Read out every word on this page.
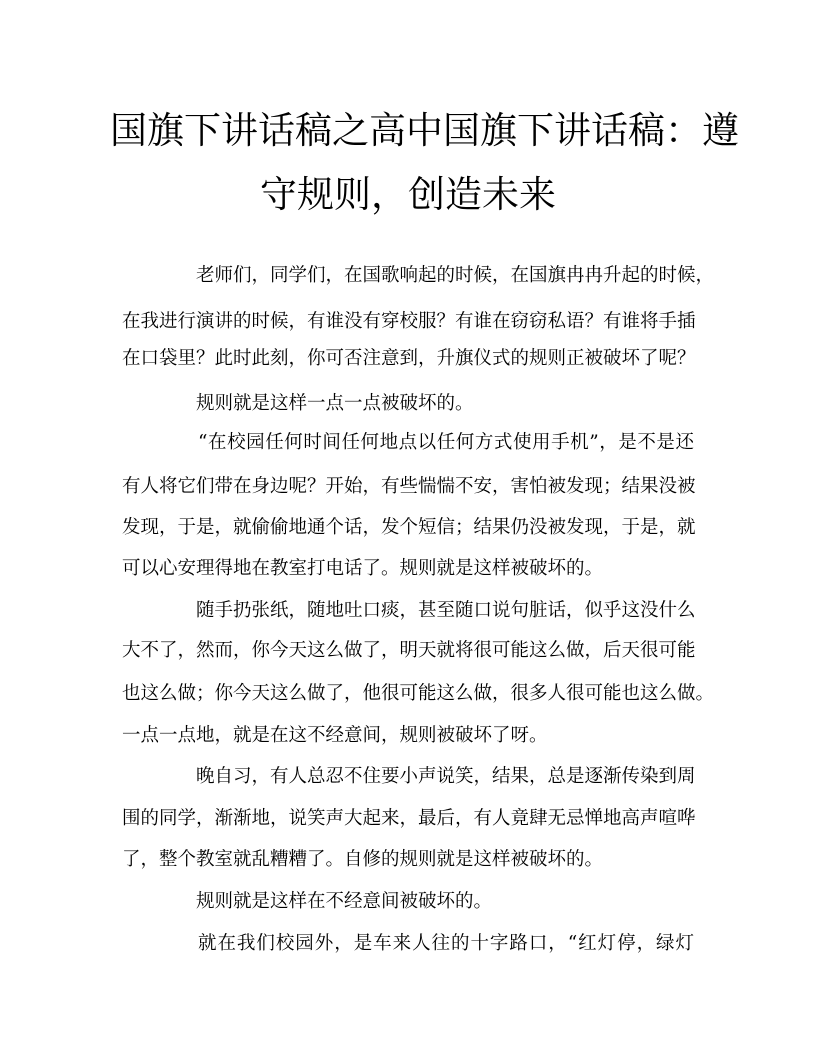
国旗下讲话稿之高中国旗下讲话稿：遵
守规则，创造未来

老师们，同学们，在国歌响起的时候，在国旗冉冉升起的时候，

在我进行演讲的时候，有谁没有穿校服？有谁在窃窃私语？有谁将手插

在口袋里？此时此刻，你可否注意到，升旗仪式的规则正被破坏了呢？

规则就是这样一点一点被破坏的。

“在校园任何时间任何地点以任何方式使用手机”，是不是还

有人将它们带在身边呢？开始，有些惴惴不安，害怕被发现；结果没被

发现，于是，就偷偷地通个话，发个短信；结果仍没被发现，于是，就

可以心安理得地在教室打电话了。规则就是这样被破坏的。

随手扔张纸，随地吐口痰，甚至随口说句脏话，似乎这没什么

大不了，然而，你今天这么做了，明天就将很可能这么做，后天很可能

也这么做；你今天这么做了，他很可能这么做，很多人很可能也这么做。

一点一点地，就是在这不经意间，规则被破坏了呀。

晚自习，有人总忍不住要小声说笑，结果，总是逐渐传染到周

围的同学，渐渐地，说笑声大起来，最后，有人竟肆无忌惮地高声喧哗

了，整个教室就乱糟糟了。自修的规则就是这样被破坏的。

规则就是这样在不经意间被破坏的。

就在我们校园外，是车来人往的十字路口，“红灯停，绿灯
